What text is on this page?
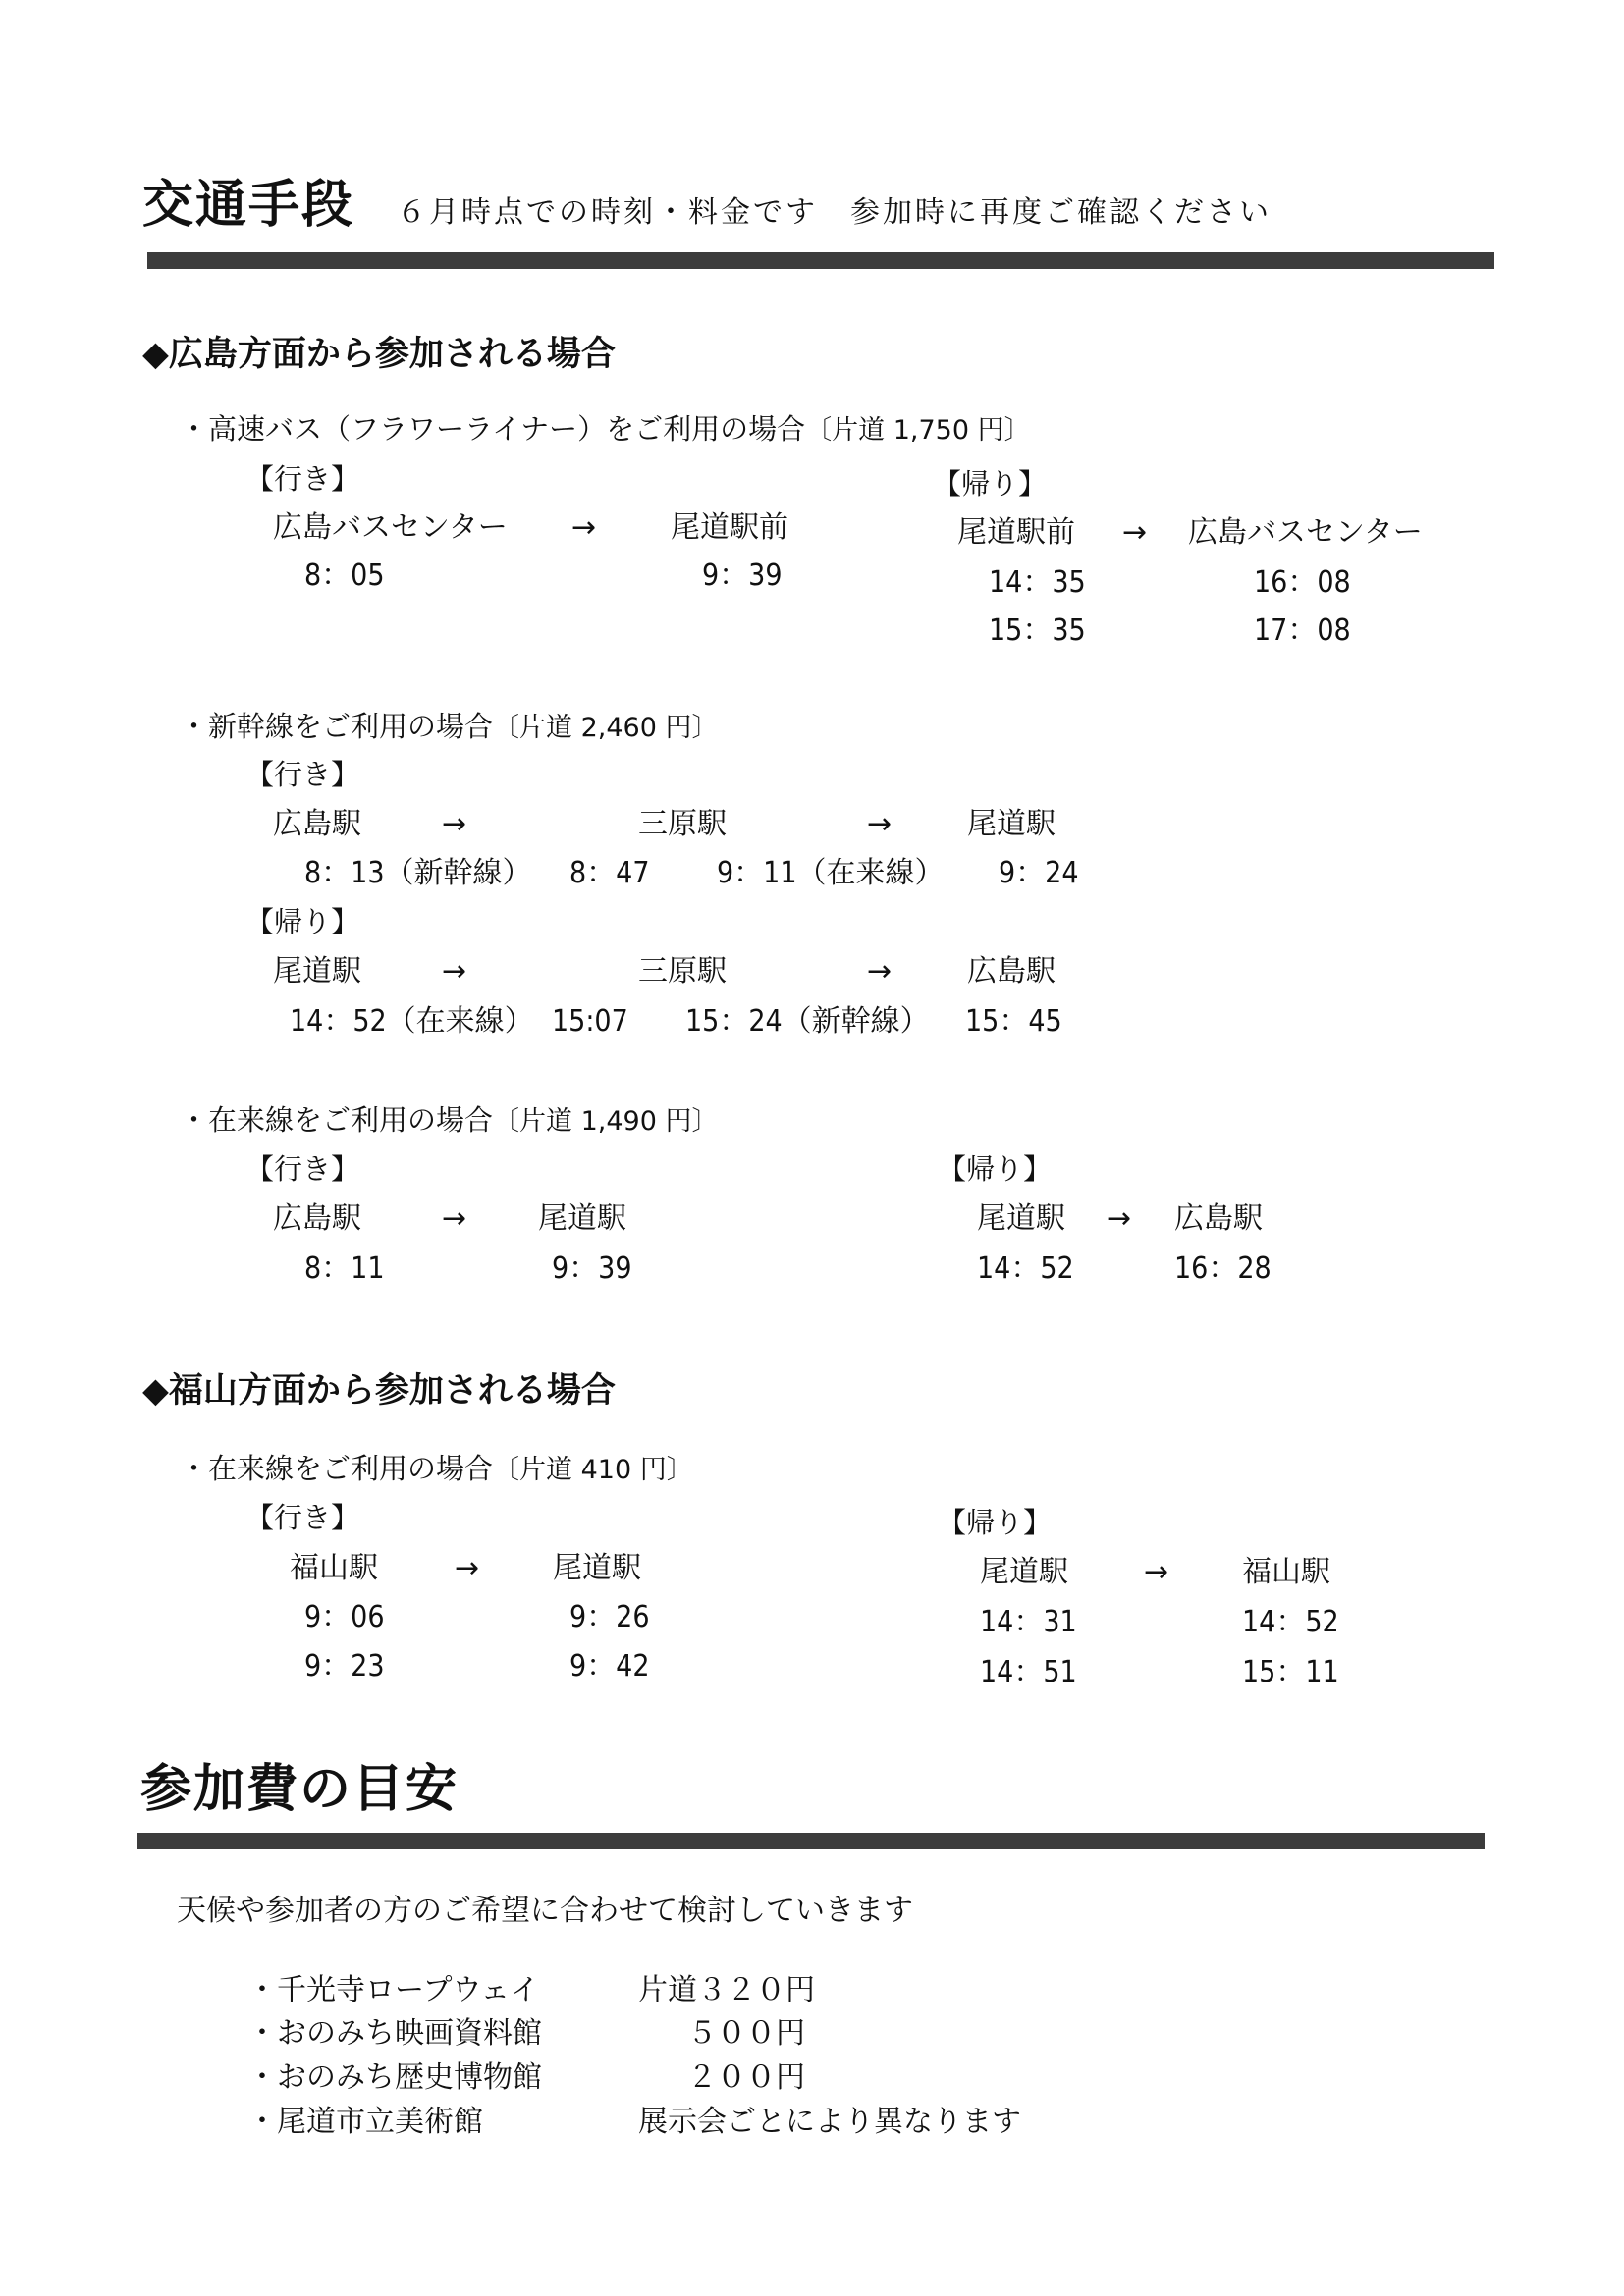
交通手段 ６月時点での時刻・料金です　参加時に再度ご確認ください
◆広島方面から参加される場合
・高速バス（フラワーライナー）をご利用の場合〔片道 1,750 円〕
【行き】
広島バスセンター →	尾道駅前
8：05	9：39
【帰り】
尾道駅前 → 広島バスセンター
14：35	16：08
15：35	17：08
・新幹線をご利用の場合〔片道 2,460 円〕
【行き】
広島駅	→	三原駅	→	尾道駅
8：13（新幹線） 8：47 9：11（在来線） 9：24
【帰り】
尾道駅	→	三原駅	→	広島駅
14：52（在来線） 15:07 15：24（新幹線） 15：45
・在来線をご利用の場合〔片道 1,490 円〕
【行き】
広島駅	→ 尾道駅
8：11	9：39
【帰り】
尾道駅 → 広島駅
14：52	16：28
◆福山方面から参加される場合
・在来線をご利用の場合〔片道 410 円〕
【行き】
福山駅	→ 尾道駅
9：06	9：26
9：23	9：42
【帰り】
尾道駅	→ 福山駅
14：31	14：52
14：51	15：11
参加費の目安
天候や参加者の方のご希望に合わせて検討していきます
・千光寺ロープウェイ	片道３２０円
・おのみち映画資料館	５００円
・おのみち歴史博物館	２００円
・尾道市立美術館	展示会ごとにより異なります
